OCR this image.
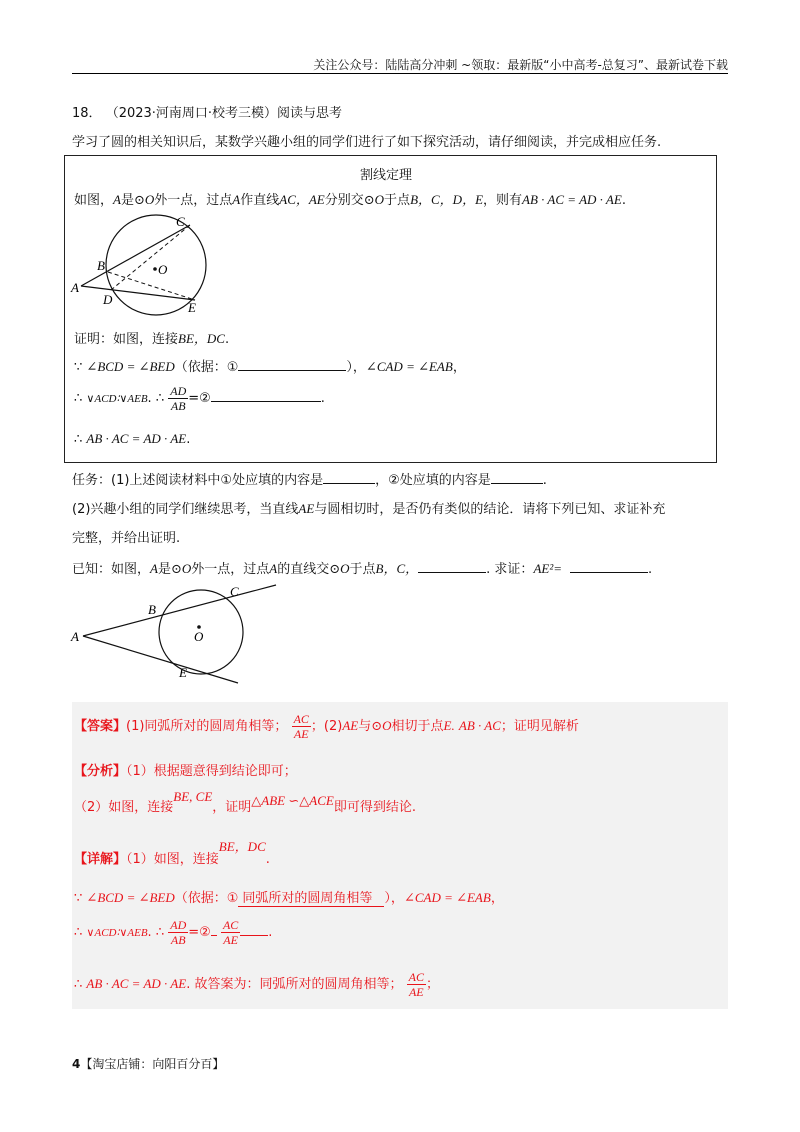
关注公众号：陆陆高分冲刺 ~领取：最新版“小中高考-总复习”、最新试卷下载
18． （2023·河南周口·校考三模）阅读与思考
学习了圆的相关知识后，某数学兴趣小组的同学们进行了如下探究活动，请仔细阅读，并完成相应任务.
割线定理
如图，A是⊙O外一点，过点A作直线AC，AE分别交⊙O于点B，C，D，E，则有AB · AC = AD · AE.
A
B
C
D
E
O
证明：如图，连接BE，DC.
∵ ∠BCD = ∠BED（依据：①	），∠CAD = ∠EAB，
∴ ∨ACD∶∨AEB. ∴ $\frac{AD}{AB}$ =②	.
∴ AB · AC = AD · AE.
任务：(1)上述阅读材料中①处应填的内容是	，②处应填的内容是	.
(2)兴趣小组的同学们继续思考，当直线AE与圆相切时，是否仍有类似的结论．请将下列已知、求证补充
完整，并给出证明.
已知：如图，A是⊙O外一点，过点A的直线交⊙O于点B，C，	. 求证：AE²=	.
A
B
C
E
O
【答案】(1)同弧所对的圆周角相等； $\frac{AC}{AE}$ ；(2)AE与⊙O相切于点E. AB · AC；证明见解析
【分析】（1）根据题意得到结论即可；
（2）如图，连接BE, CE，证明△ABE ∽△ACE即可得到结论.
【详解】（1）如图，连接BE，DC.
∵ ∠BCD = ∠BED（依据：① 同弧所对的圆周角相等 ），∠CAD = ∠EAB，
∴ ∨ACD∶∨AEB. ∴ $\frac{AD}{AB}$ =② $\frac{AC}{AE}$ .
∴ AB · AC = AD · AE. 故答案为：同弧所对的圆周角相等； $\frac{AC}{AE}$ ；
4【淘宝店铺：向阳百分百】
